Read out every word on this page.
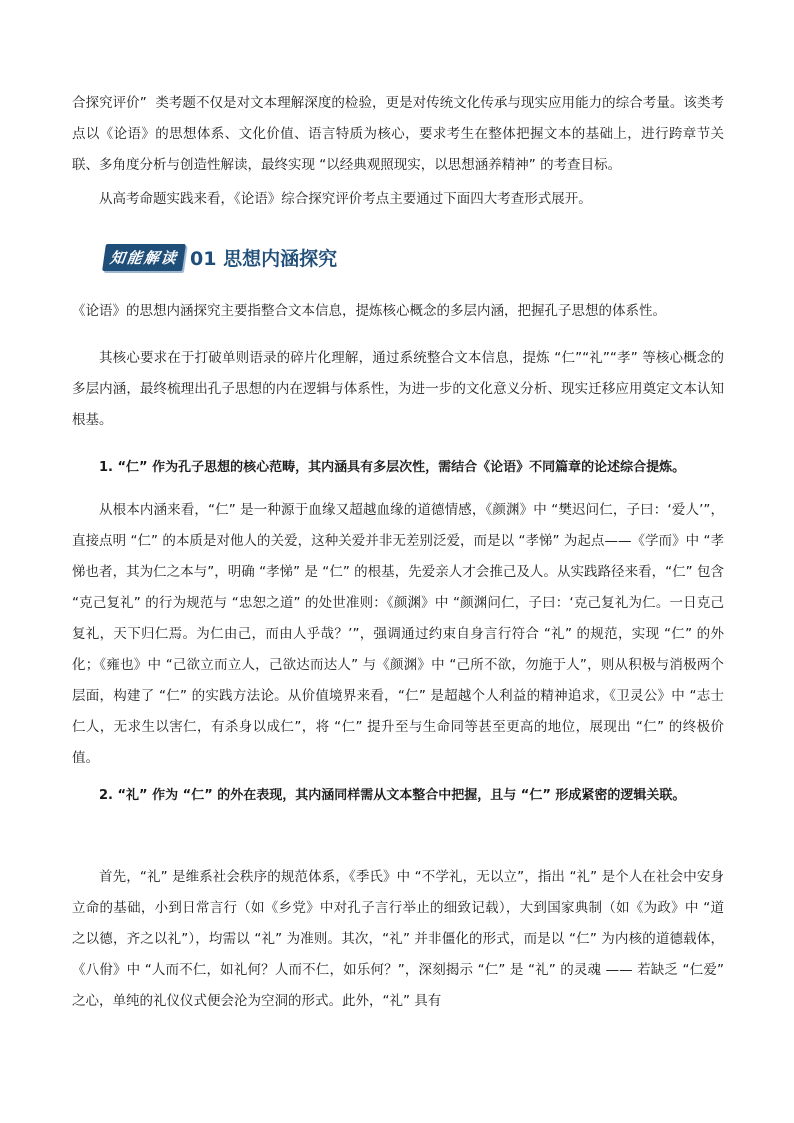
合探究评价”  类考题不仅是对文本理解深度的检验，更是对传统文化传承与现实应用能力的综合考量。该类考点以《论语》的思想体系、文化价值、语言特质为核心，要求考生在整体把握文本的基础上，进行跨章节关联、多角度分析与创造性解读，最终实现 “以经典观照现实，以思想涵养精神” 的考查目标。

从高考命题实践来看，《论语》综合探究评价考点主要通过下面四大考查形式展开。

知能解读 01 思想内涵探究

《论语》的思想内涵探究主要指整合文本信息，提炼核心概念的多层内涵，把握孔子思想的体系性。

其核心要求在于打破单则语录的碎片化理解，通过系统整合文本信息，提炼 “仁”“礼”“孝” 等核心概念的多层内涵，最终梳理出孔子思想的内在逻辑与体系性，为进一步的文化意义分析、现实迁移应用奠定文本认知根基。

1. “仁” 作为孔子思想的核心范畴，其内涵具有多层次性，需结合《论语》不同篇章的论述综合提炼。

从根本内涵来看，“仁” 是一种源于血缘又超越血缘的道德情感，《颜渊》中 “樊迟问仁，子曰：‘爱人’”，直接点明 “仁” 的本质是对他人的关爱，这种关爱并非无差别泛爱，而是以 “孝悌” 为起点——《学而》中 “孝悌也者，其为仁之本与”，明确 “孝悌” 是 “仁” 的根基，先爱亲人才会推己及人。从实践路径来看，“仁” 包含 “克己复礼” 的行为规范与 “忠恕之道” 的处世准则：《颜渊》中 “颜渊问仁，子曰：‘克己复礼为仁。一日克己复礼，天下归仁焉。为仁由己，而由人乎哉？’”，强调通过约束自身言行符合 “礼” 的规范，实现 “仁” 的外化；《雍也》中 “己欲立而立人，己欲达而达人” 与《颜渊》中 “己所不欲，勿施于人”，则从积极与消极两个层面，构建了 “仁” 的实践方法论。从价值境界来看，“仁” 是超越个人利益的精神追求，《卫灵公》中 “志士仁人，无求生以害仁，有杀身以成仁”，将 “仁” 提升至与生命同等甚至更高的地位，展现出 “仁” 的终极价值。

2. “礼” 作为 “仁” 的外在表现，其内涵同样需从文本整合中把握，且与 “仁” 形成紧密的逻辑关联。

首先，“礼” 是维系社会秩序的规范体系，《季氏》中 “不学礼，无以立”，指出 “礼” 是个人在社会中安身立命的基础，小到日常言行（如《乡党》中对孔子言行举止的细致记载），大到国家典制（如《为政》中 “道之以德，齐之以礼”），均需以 “礼” 为准则。其次，“礼” 并非僵化的形式，而是以 “仁” 为内核的道德载体，《八佾》中 “人而不仁，如礼何？人而不仁，如乐何？”，深刻揭示 “仁” 是 “礼” 的灵魂 —— 若缺乏 “仁爱” 之心，单纯的礼仪仪式便会沦为空洞的形式。此外，“礼” 具有
